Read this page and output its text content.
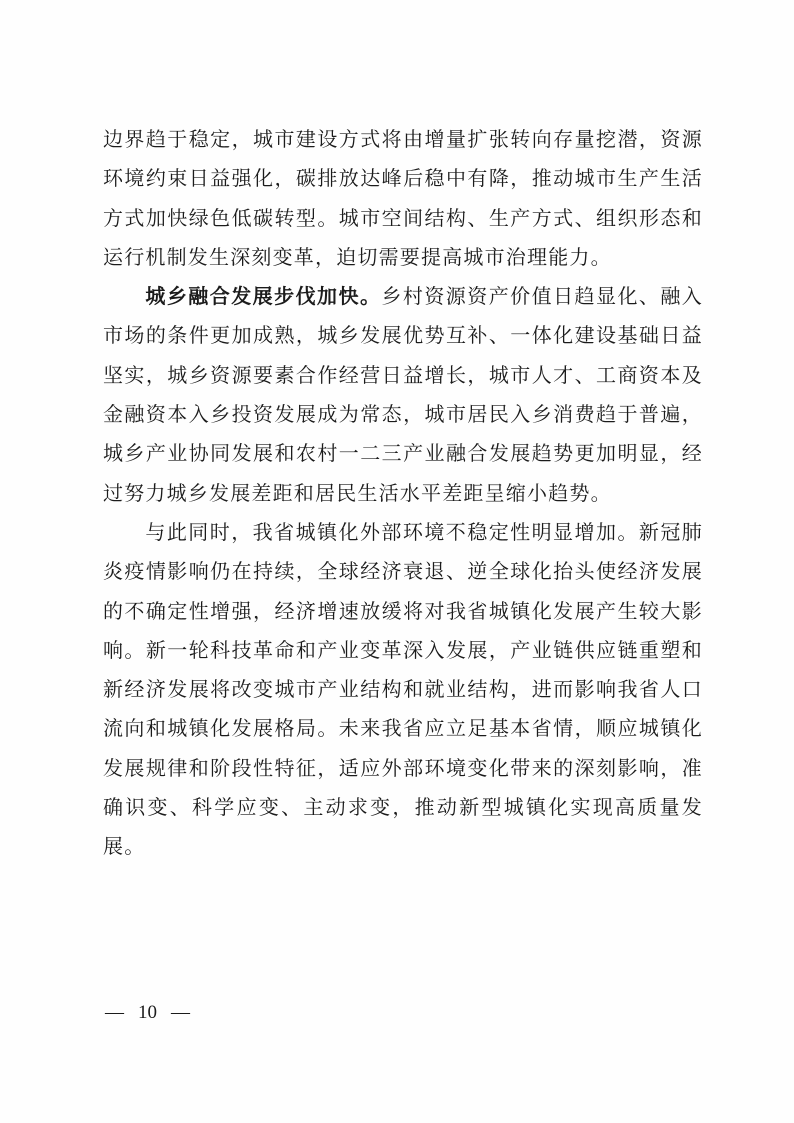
边界趋于稳定，城市建设方式将由增量扩张转向存量挖潜，资源环境约束日益强化，碳排放达峰后稳中有降，推动城市生产生活方式加快绿色低碳转型。城市空间结构、生产方式、组织形态和运行机制发生深刻变革，迫切需要提高城市治理能力。

城乡融合发展步伐加快。乡村资源资产价值日趋显化、融入市场的条件更加成熟，城乡发展优势互补、一体化建设基础日益坚实，城乡资源要素合作经营日益增长，城市人才、工商资本及金融资本入乡投资发展成为常态，城市居民入乡消费趋于普遍，城乡产业协同发展和农村一二三产业融合发展趋势更加明显，经过努力城乡发展差距和居民生活水平差距呈缩小趋势。

与此同时，我省城镇化外部环境不稳定性明显增加。新冠肺炎疫情影响仍在持续，全球经济衰退、逆全球化抬头使经济发展的不确定性增强，经济增速放缓将对我省城镇化发展产生较大影响。新一轮科技革命和产业变革深入发展，产业链供应链重塑和新经济发展将改变城市产业结构和就业结构，进而影响我省人口流向和城镇化发展格局。未来我省应立足基本省情，顺应城镇化发展规律和阶段性特征，适应外部环境变化带来的深刻影响，准确识变、科学应变、主动求变，推动新型城镇化实现高质量发展。

— 10 —
